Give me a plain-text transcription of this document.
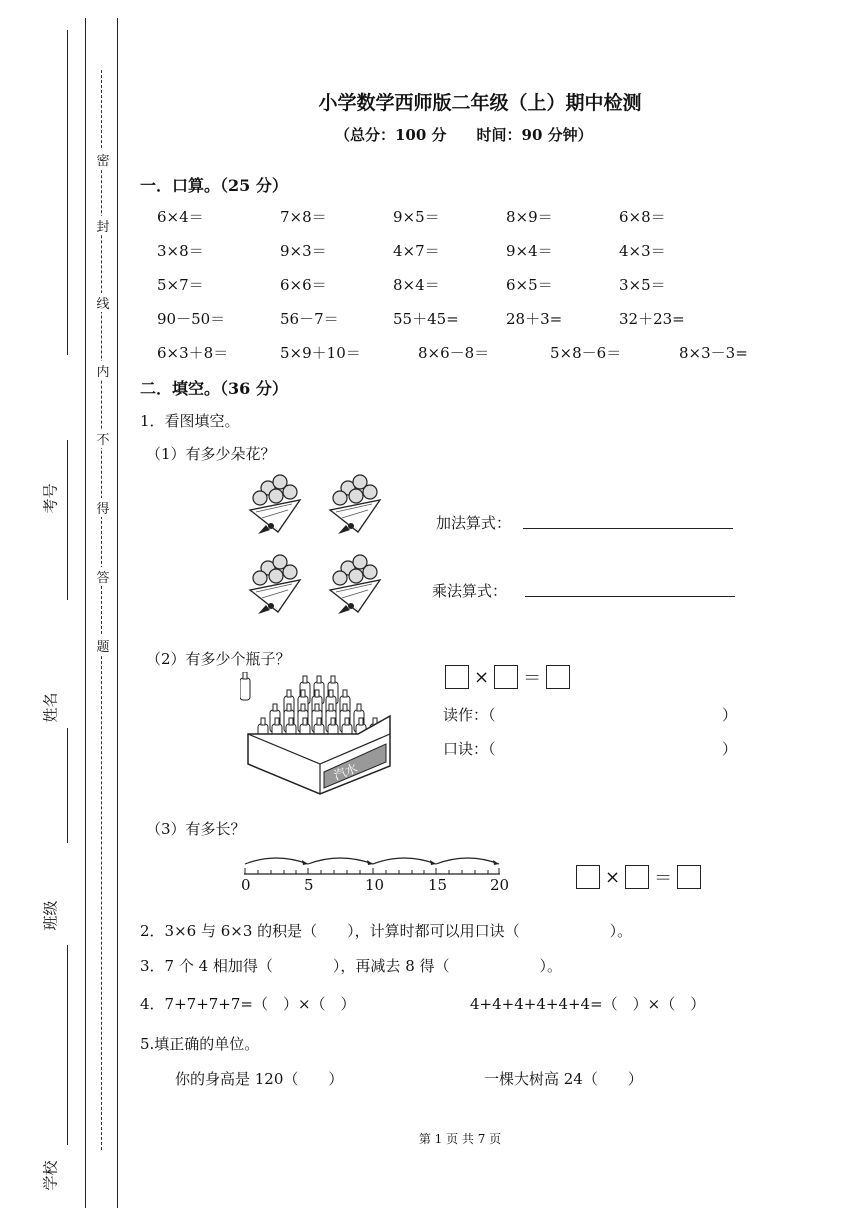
密
封
线
内
不
得
答
题
考号
姓名
班级
学校
小学数学西师版二年级（上）期中检测
（总分：100 分　　时间：90 分钟）
一．口算。（25 分）
6×4＝	7×8＝	9×5＝	8×9＝	6×8＝
3×8＝	9×3＝	4×7＝	9×4＝	4×3＝
5×7＝	6×6＝	8×4＝	6×5＝	3×5＝
90－50＝	56－7＝	55＋45=	28＋3=	32＋23=
6×3＋8＝	5×9＋10＝	8×6－8＝	5×8－6＝	8×3－3=
二．填空。（36 分）
1．看图填空。
（1）有多少朵花？
加法算式：
乘法算式：
（2）有多少个瓶子？
汽水
× ＝
读作：（	）
口诀：（	）
（3）有多长？
0	5	10	15	20	× ＝
2．3×6 与 6×3 的积是（　　），计算时都可以用口诀（　　　　　　）。
3．7 个 4 相加得（　　　　），再减去 8 得（　　　　　　）。
4．7+7+7+7=（　）×（　）	4+4+4+4+4+4=（　）×（　）
5.填正确的单位。
你的身高是 120（　　）	一棵大树高 24（　　）
第 1 页 共 7 页
